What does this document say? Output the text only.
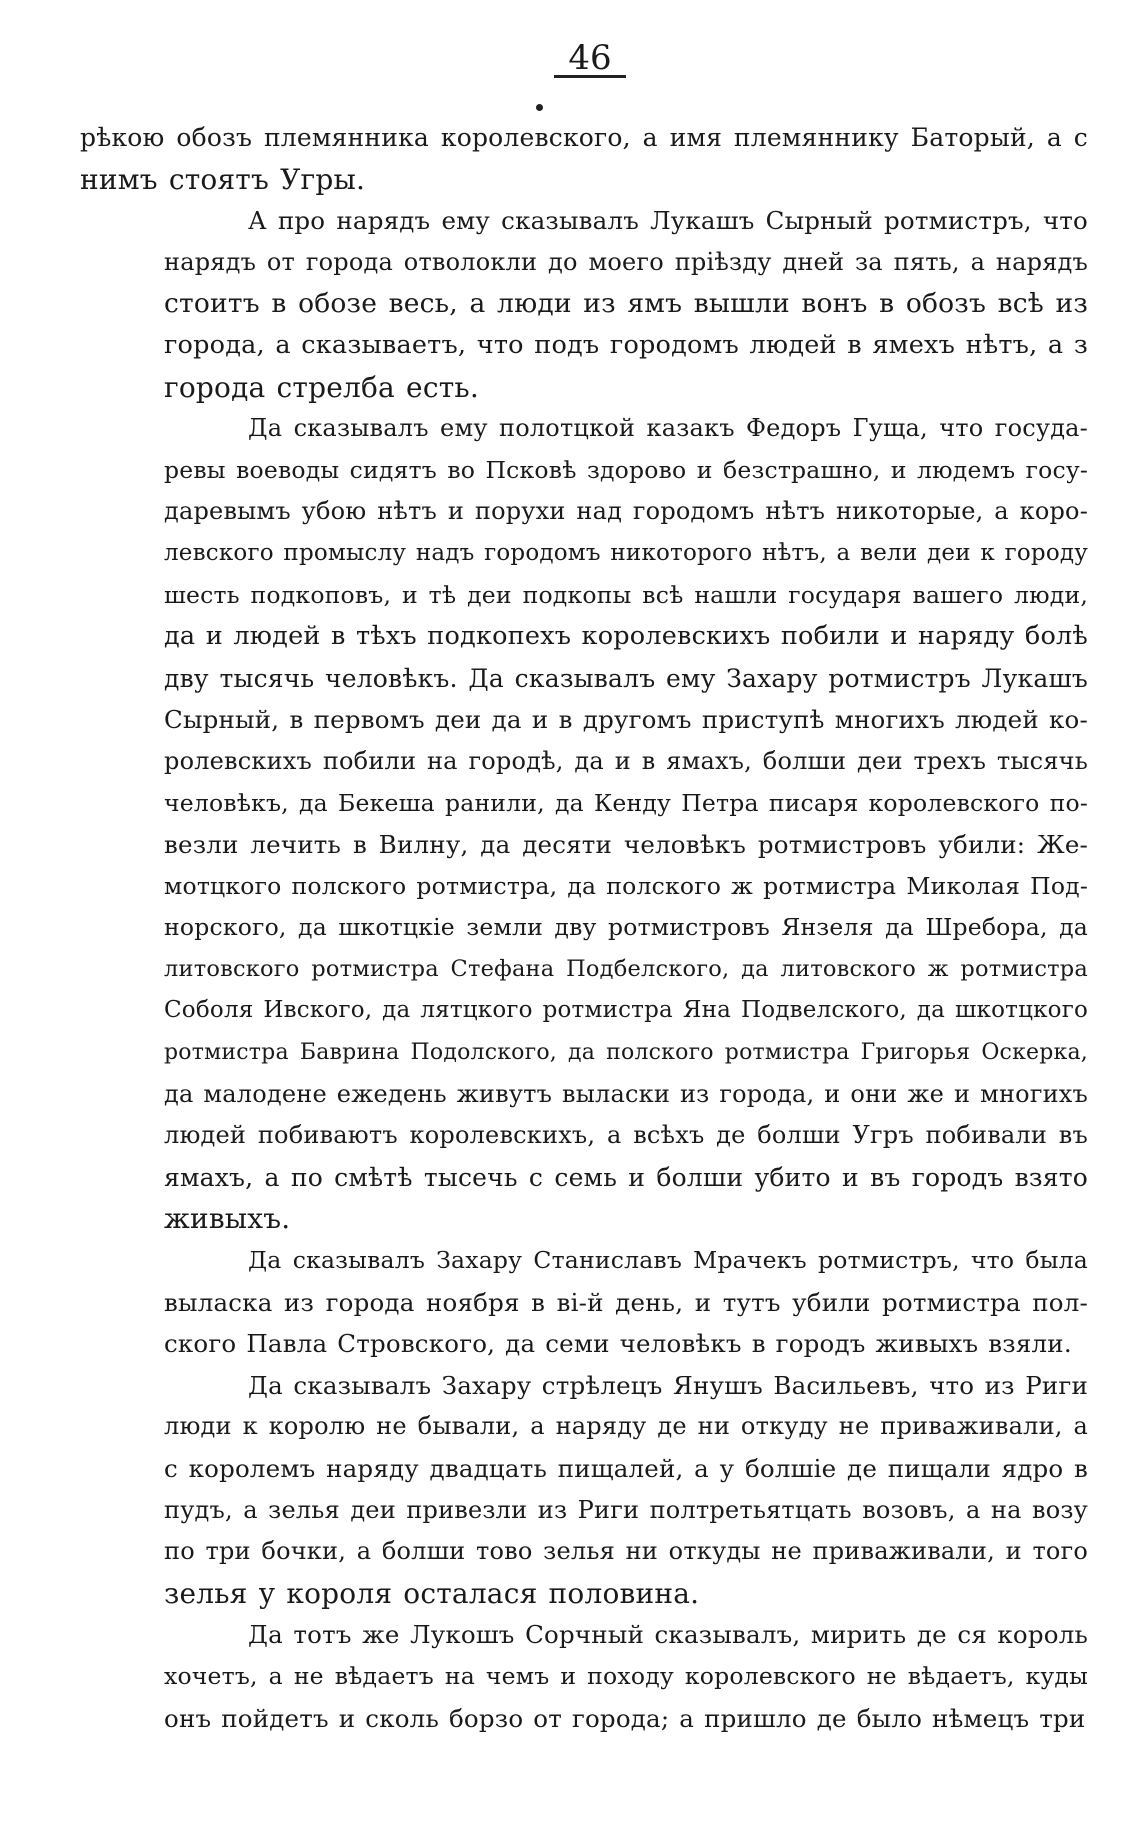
46

рѣкою обозъ племянника королевского, а имя племяннику Баторый, а с
нимъ стоятъ Угры.

А про нарядъ ему сказывалъ Лукашъ Сырный ротмистръ, что
нарядъ от города отволокли до моего прiѣзду дней за пять, а нарядъ
стоитъ в обозе весь, а люди из ямъ вышли вонъ в обозъ всѣ из
города, а сказываетъ, что подъ городомъ людей в ямехъ нѣтъ, а з
города стрелба есть.

Да сказывалъ ему полотцкой казакъ Федоръ Гуща, что госуда-
ревы воеводы сидятъ во Псковѣ здорово и безстрашно, и людемъ госу-
даревымъ убою нѣтъ и порухи над городомъ нѣтъ никоторые, а коро-
левского промыслу надъ городомъ никоторого нѣтъ, а вели деи к городу
шесть подкоповъ, и тѣ деи подкопы всѣ нашли государя вашего люди,
да и людей в тѣхъ подкопехъ королевскихъ побили и наряду болѣ
дву тысячь человѣкъ. Да сказывалъ ему Захару ротмистръ Лукашъ
Сырный, в первомъ деи да и в другомъ приступѣ многихъ людей ко-
ролевскихъ побили на городѣ, да и в ямахъ, болши деи трехъ тысячь
человѣкъ, да Бекеша ранили, да Кенду Петра писаря королевского по-
везли лечить в Вилну, да десяти человѣкъ ротмистровъ убили: Же-
мотцкого полского ротмистра, да полского ж ротмистра Миколая Под-
норского, да шкотцкiе земли дву ротмистровъ Янзеля да Шребора, да
литовского ротмистра Стефана Подбелского, да литовского ж ротмистра
Соболя Ивского, да лятцкого ротмистра Яна Подвелского, да шкотцкого
ротмистра Баврина Подолского, да полского ротмистра Григорья Оскерка,
да малодене ежедень живутъ выласки из города, и они же и многихъ
людей побиваютъ королевскихъ, а всѣхъ де болши Угръ побивали въ
ямахъ, а по смѣтѣ тысечь с семь и болши убито и въ городъ взято
живыхъ.

Да сказывалъ Захару Станиславъ Мрачекъ ротмистръ, что была
выласка из города ноября в ві-й день, и тутъ убили ротмистра пол-
ского Павла Стровского, да семи человѣкъ в городъ живыхъ взяли.

Да сказывалъ Захару стрѣлецъ Янушъ Васильевъ, что из Риги
люди к королю не бывали, а наряду де ни откуду не приваживали, а
с королемъ наряду двадцать пищалей, а у болшiе де пищали ядро в
пудъ, а зелья деи привезли из Риги полтретьятцать возовъ, а на возу
по три бочки, а болши тово зелья ни откуды не приваживали, и того
зелья у короля осталася половина.

Да тотъ же Лукошъ Сорчный сказывалъ, мирить де ся король
хочетъ, а не вѣдаетъ на чемъ и походу королевского не вѣдаетъ, куды
онъ пойдетъ и сколь борзо от города; а пришло де было нѣмецъ три
